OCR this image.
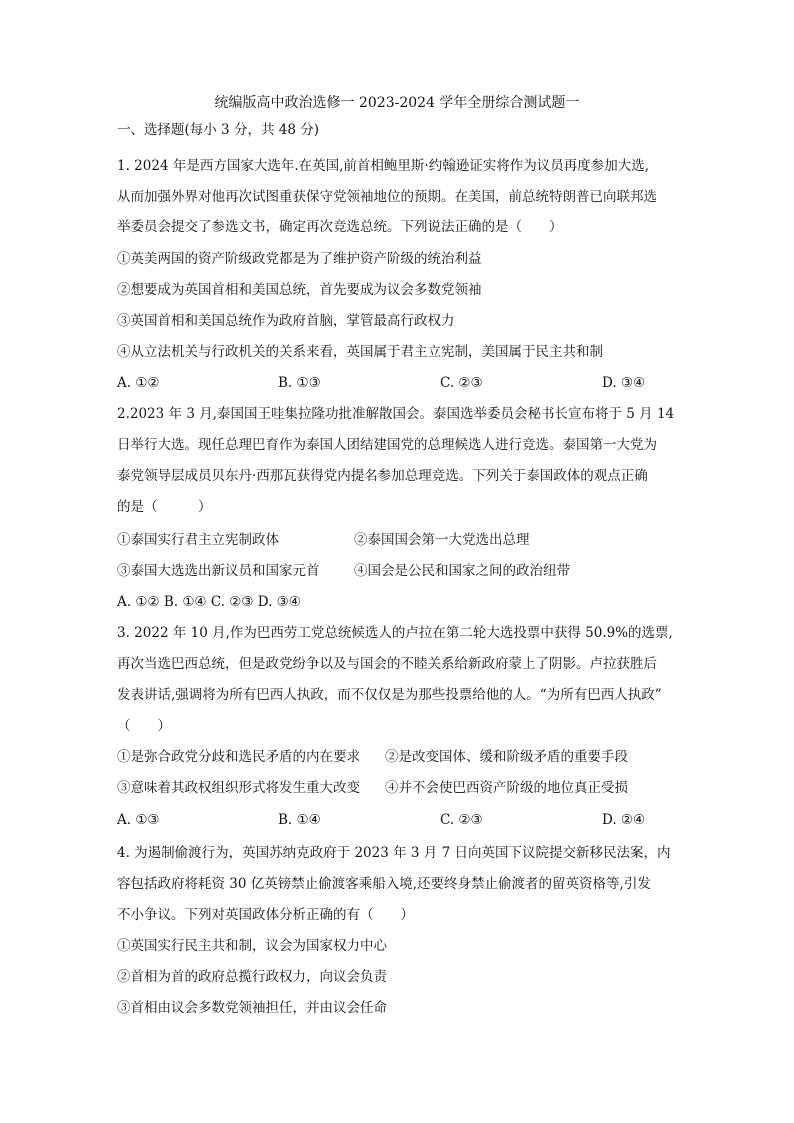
统编版高中政治选修一 2023-2024 学年全册综合测试题一
一、选择题(每小 3 分，共 48 分)
1. 2024 年是西方国家大选年.在英国,前首相鲍里斯·约翰逊证实将作为议员再度参加大选,
从而加强外界对他再次试图重获保守党领袖地位的预期。在美国，前总统特朗普已向联邦选
举委员会提交了参选文书，确定再次竞选总统。下列说法正确的是（　　）
①英美两国的资产阶级政党都是为了维护资产阶级的统治利益
②想要成为英国首相和美国总统，首先要成为议会多数党领袖
③英国首相和美国总统作为政府首脑，掌管最高行政权力
④从立法机关与行政机关的关系来看，英国属于君主立宪制，美国属于民主共和制
A. ①②	B. ①③	C. ②③	D. ③④
2.2023 年 3 月,泰国国王哇集拉隆功批准解散国会。泰国选举委员会秘书长宣布将于 5 月 14
日举行大选。现任总理巴育作为泰国人团结建国党的总理候选人进行竞选。泰国第一大党为
泰党领导层成员贝东丹·西那瓦获得党内提名参加总理竞选。下列关于泰国政体的观点正确
的是（　　　）
①泰国实行君主立宪制政体	②泰国国会第一大党选出总理
③泰国大选选出新议员和国家元首	④国会是公民和国家之间的政治纽带
A. ①② B. ①④ C. ②③ D. ③④
3. 2022 年 10 月,作为巴西劳工党总统候选人的卢拉在第二轮大选投票中获得 50.9%的选票,
再次当选巴西总统，但是政党纷争以及与国会的不睦关系给新政府蒙上了阴影。卢拉获胜后
发表讲话,强调将为所有巴西人执政，而不仅仅是为那些投票给他的人。“为所有巴西人执政”
（　　）
①是弥合政党分歧和选民矛盾的内在要求 ②是改变国体、缓和阶级矛盾的重要手段
③意味着其政权组织形式将发生重大改变 ④并不会使巴西资产阶级的地位真正受损
A. ①③	B. ①④	C. ②③	D. ②④
4. 为遏制偷渡行为，英国苏纳克政府于 2023 年 3 月 7 日向英国下议院提交新移民法案，内
容包括政府将耗资 30 亿英镑禁止偷渡客乘船入境,还要终身禁止偷渡者的留英资格等,引发
不小争议。下列对英国政体分析正确的有（　　）
①英国实行民主共和制，议会为国家权力中心
②首相为首的政府总揽行政权力，向议会负责
③首相由议会多数党领袖担任，并由议会任命
